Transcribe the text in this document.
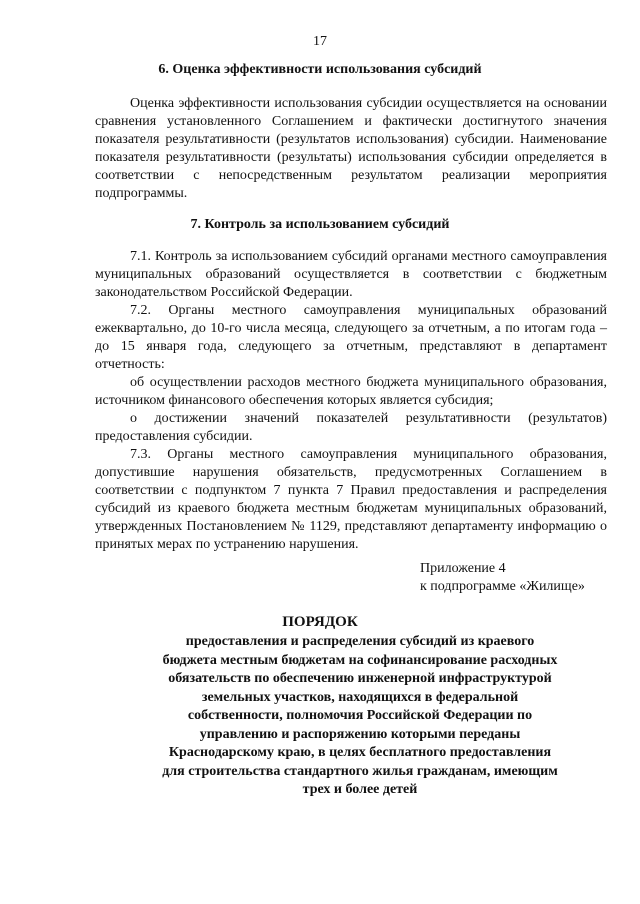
17
6. Оценка эффективности использования субсидий

Оценка эффективности использования субсидии осуществляется на основании сравнения установленного Соглашением и фактически достигнутого значения показателя результативности (результатов использования) субсидии. Наименование показателя результативности (результаты) использования субсидии определяется в соответствии с непосредственным результатом реализации мероприятия подпрограммы.

7. Контроль за использованием субсидий

7.1. Контроль за использованием субсидий органами местного самоуправления муниципальных образований осуществляется в соответствии с бюджетным законодательством Российской Федерации.

7.2. Органы местного самоуправления муниципальных образований ежеквартально, до 10-го числа месяца, следующего за отчетным, а по итогам года – до 15 января года, следующего за отчетным, представляют в департамент отчетность:

об осуществлении расходов местного бюджета муниципального образования, источником финансового обеспечения которых является субсидия;

о достижении значений показателей результативности (результатов) предоставления субсидии.

7.3. Органы местного самоуправления муниципального образования, допустившие нарушения обязательств, предусмотренных Соглашением в соответствии с подпунктом 7 пункта 7 Правил предоставления и распределения субсидий из краевого бюджета местным бюджетам муниципальных образований, утвержденных Постановлением № 1129, представляют департаменту информацию о принятых мерах по устранению нарушения.

Приложение 4
к подпрограмме «Жилище»
ПОРЯДОК
предоставления и распределения субсидий из краевого бюджета местным бюджетам на софинансирование расходных обязательств по обеспечению инженерной инфраструктурой земельных участков, находящихся в федеральной собственности, полномочия Российской Федерации по управлению и распоряжению которыми переданы Краснодарскому краю, в целях бесплатного предоставления для строительства стандартного жилья гражданам, имеющим трех и более детей
